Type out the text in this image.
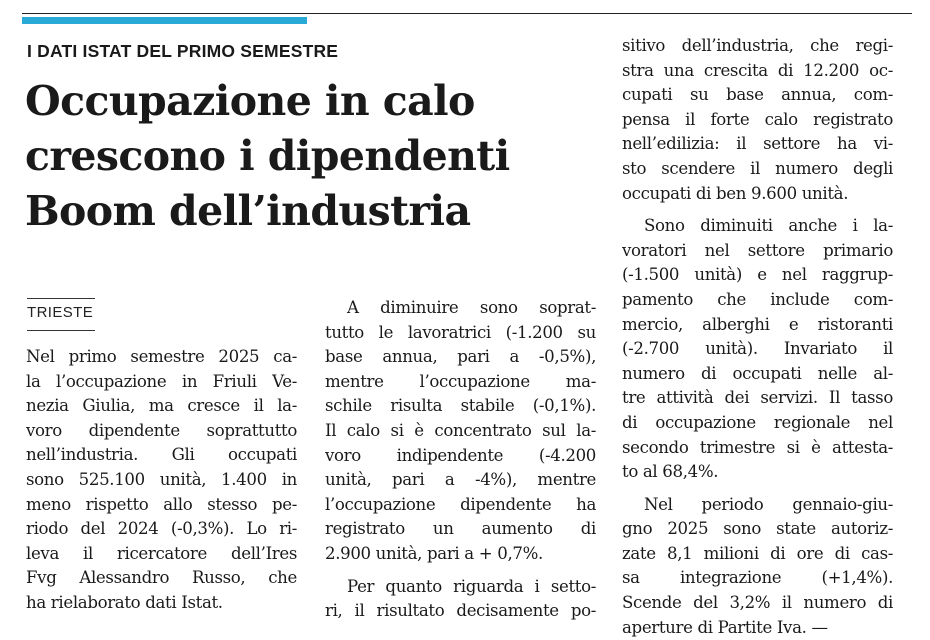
I DATI ISTAT DEL PRIMO SEMESTRE
Occupazione in calo
crescono i dipendenti
Boom dell’industria
TRIESTE
Nel primo semestre 2025 ca-
la l’occupazione in Friuli Ve-
nezia Giulia, ma cresce il la-
voro dipendente soprattutto
nell’industria. Gli occupati
sono 525.100 unità, 1.400 in
meno rispetto allo stesso pe-
riodo del 2024 (-0,3%). Lo ri-
leva il ricercatore dell’Ires
Fvg Alessandro Russo, che
ha rielaborato dati Istat.
A diminuire sono soprat-
tutto le lavoratrici (-1.200 su
base annua, pari a -0,5%),
mentre l’occupazione ma-
schile risulta stabile (-0,1%).
Il calo si è concentrato sul la-
voro indipendente (-4.200
unità, pari a -4%), mentre
l’occupazione dipendente ha
registrato un aumento di
2.900 unità, pari a + 0,7%.
Per quanto riguarda i setto-
ri, il risultato decisamente po-
sitivo dell’industria, che regi-
stra una crescita di 12.200 oc-
cupati su base annua, com-
pensa il forte calo registrato
nell’edilizia: il settore ha vi-
sto scendere il numero degli
occupati di ben 9.600 unità.
Sono diminuiti anche i la-
voratori nel settore primario
(-1.500 unità) e nel raggrup-
pamento che include com-
mercio, alberghi e ristoranti
(-2.700 unità). Invariato il
numero di occupati nelle al-
tre attività dei servizi. Il tasso
di occupazione regionale nel
secondo trimestre si è attesta-
to al 68,4%.
Nel periodo gennaio-giu-
gno 2025 sono state autoriz-
zate 8,1 milioni di ore di cas-
sa integrazione (+1,4%).
Scende del 3,2% il numero di
aperture di Partite Iva. —
